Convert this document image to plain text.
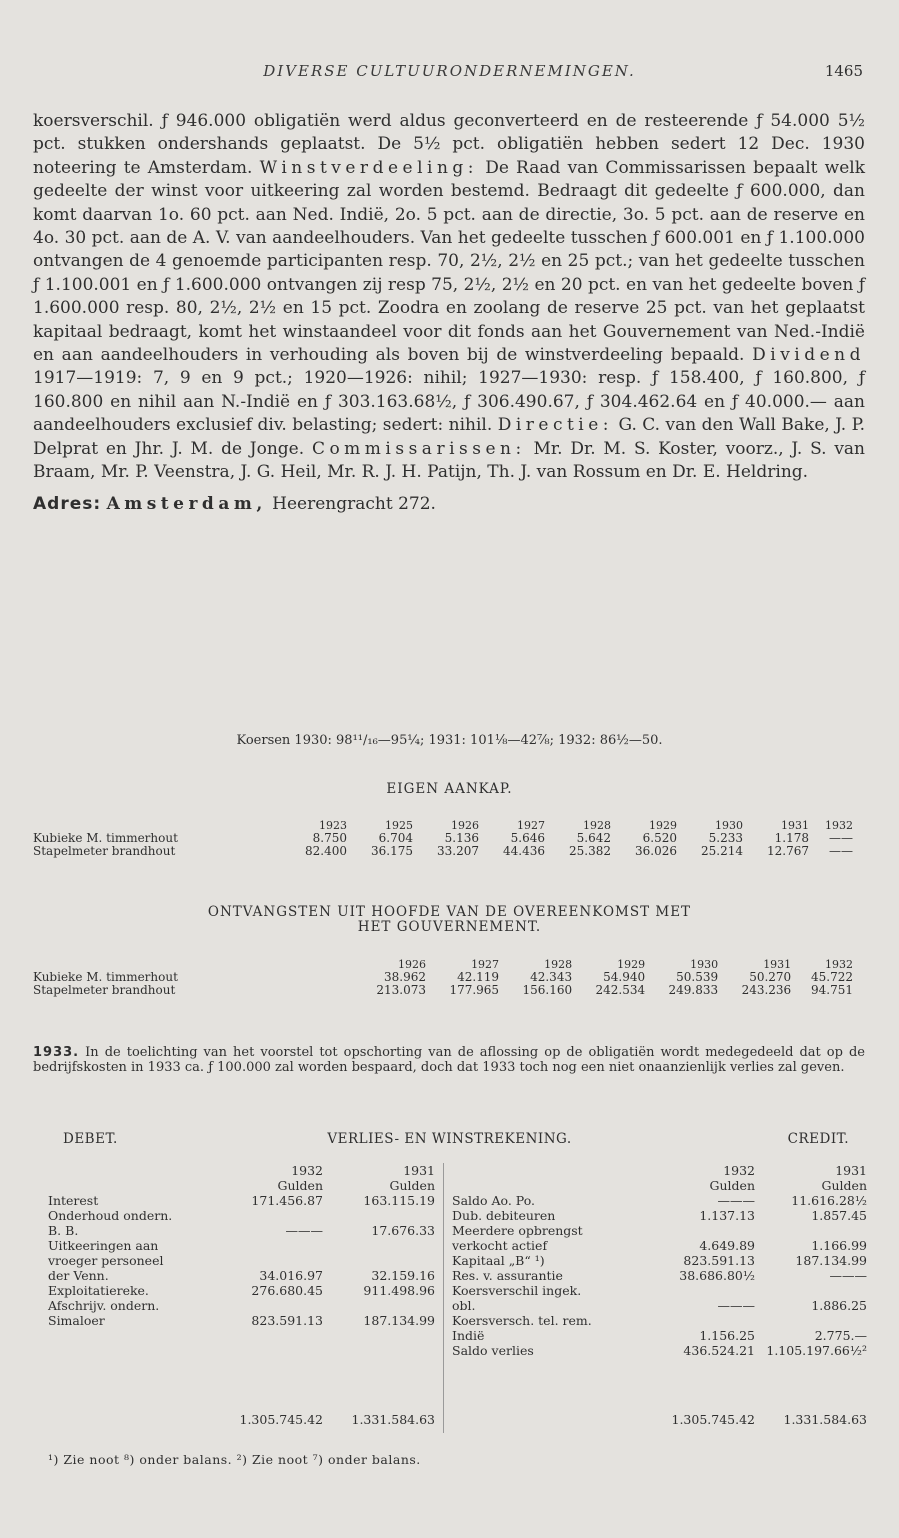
DIVERSE CULTUURONDERNEMINGEN.	1465

koersverschil. ƒ 946.000 obligatiën werd aldus geconverteerd en de resteerende ƒ 54.000 5½ pct. stukken ondershands geplaatst. De 5½ pct. obligatiën hebben sedert 12 Dec. 1930 noteering te Amsterdam. Winstverdeeling: De Raad van Commissarissen bepaalt welk gedeelte der winst voor uitkeering zal worden bestemd. Bedraagt dit gedeelte ƒ 600.000, dan komt daarvan 1o. 60 pct. aan Ned. Indië, 2o. 5 pct. aan de directie, 3o. 5 pct. aan de reserve en 4o. 30 pct. aan de A. V. van aandeelhouders. Van het gedeelte tusschen ƒ 600.001 en ƒ 1.100.000 ontvangen de 4 genoemde participanten resp. 70, 2½, 2½ en 25 pct.; van het gedeelte tusschen ƒ 1.100.001 en ƒ 1.600.000 ontvangen zij resp 75, 2½, 2½ en 20 pct. en van het gedeelte boven ƒ 1.600.000 resp. 80, 2½, 2½ en 15 pct. Zoodra en zoolang de reserve 25 pct. van het geplaatst kapitaal bedraagt, komt het winstaandeel voor dit fonds aan het Gouvernement van Ned.-Indië en aan aandeelhouders in verhouding als boven bij de winstverdeeling bepaald. Dividend 1917—1919: 7, 9 en 9 pct.; 1920—1926: nihil; 1927—1930: resp. ƒ 158.400, ƒ 160.800, ƒ 160.800 en nihil aan N.-Indië en ƒ 303.163.68½, ƒ 306.490.67, ƒ 304.462.64 en ƒ 40.000.— aan aandeelhouders exclusief div. belasting; sedert: nihil. Directie: G. C. van den Wall Bake, J. P. Delprat en Jhr. J. M. de Jonge. Commissarissen: Mr. Dr. M. S. Koster, voorz., J. S. van Braam, Mr. P. Veenstra, J. G. Heil, Mr. R. J. H. Patijn, Th. J. van Rossum en Dr. E. Heldring.

Adres: Amsterdam, Heerengracht 272.

Koersen 1930: 98¹¹/₁₆—95¼; 1931: 101⅛—42⅞; 1932: 86½—50.
EIGEN AANKAP.
	1923	1925	1926	1927	1928	1929	1930	1931	1932
Kubieke M. timmerhout	8.750	6.704	5.136	5.646	5.642	6.520	5.233	1.178	——
Stapelmeter brandhout	82.400	36.175	33.207	44.436	25.382	36.026	25.214	12.767	——
ONTVANGSTEN UIT HOOFDE VAN DE OVEREENKOMST MET
HET GOUVERNEMENT.
	1926	1927	1928	1929	1930	1931	1932
Kubieke M. timmerhout	38.962	42.119	42.343	54.940	50.539	50.270	45.722
Stapelmeter brandhout	213.073	177.965	156.160	242.534	249.833	243.236	94.751
1933. In de toelichting van het voorstel tot opschorting van de aflossing op de obligatiën wordt medegedeeld dat op de bedrijfskosten in 1933 ca. ƒ 100.000 zal worden bespaard, doch dat 1933 toch nog een niet onaanzienlijk verlies zal geven.
DEBET.	VERLIES- EN WINSTREKENING.	CREDIT.
1932	1931
Gulden	Gulden
Interest	171.456.87	163.115.19
Onderhoud ondern.
B. B.	———	17.676.33
Uitkeeringen aan
vroeger personeel
der Venn.	34.016.97	32.159.16
Exploitatiereke.	276.680.45	911.498.96
Afschrijv. ondern.
Simaloer	823.591.13	187.134.99
1932	1931
Gulden	Gulden
Saldo Ao. Po.	———	11.616.28½
Dub. debiteuren	1.137.13	1.857.45
Meerdere opbrengst
verkocht actief	4.649.89	1.166.99
Kapitaal „B“ ¹)	823.591.13	187.134.99
Res. v. assurantie	38.686.80½	———
Koersverschil ingek.
obl.	———	1.886.25
Koersversch. tel. rem.
Indië	1.156.25	2.775.—
Saldo verlies	436.524.21 1.105.197.66½²
1.305.745.42	1.331.584.63	1.305.745.42	1.331.584.63
¹) Zie noot ⁸) onder balans. ²) Zie noot ⁷) onder balans.
